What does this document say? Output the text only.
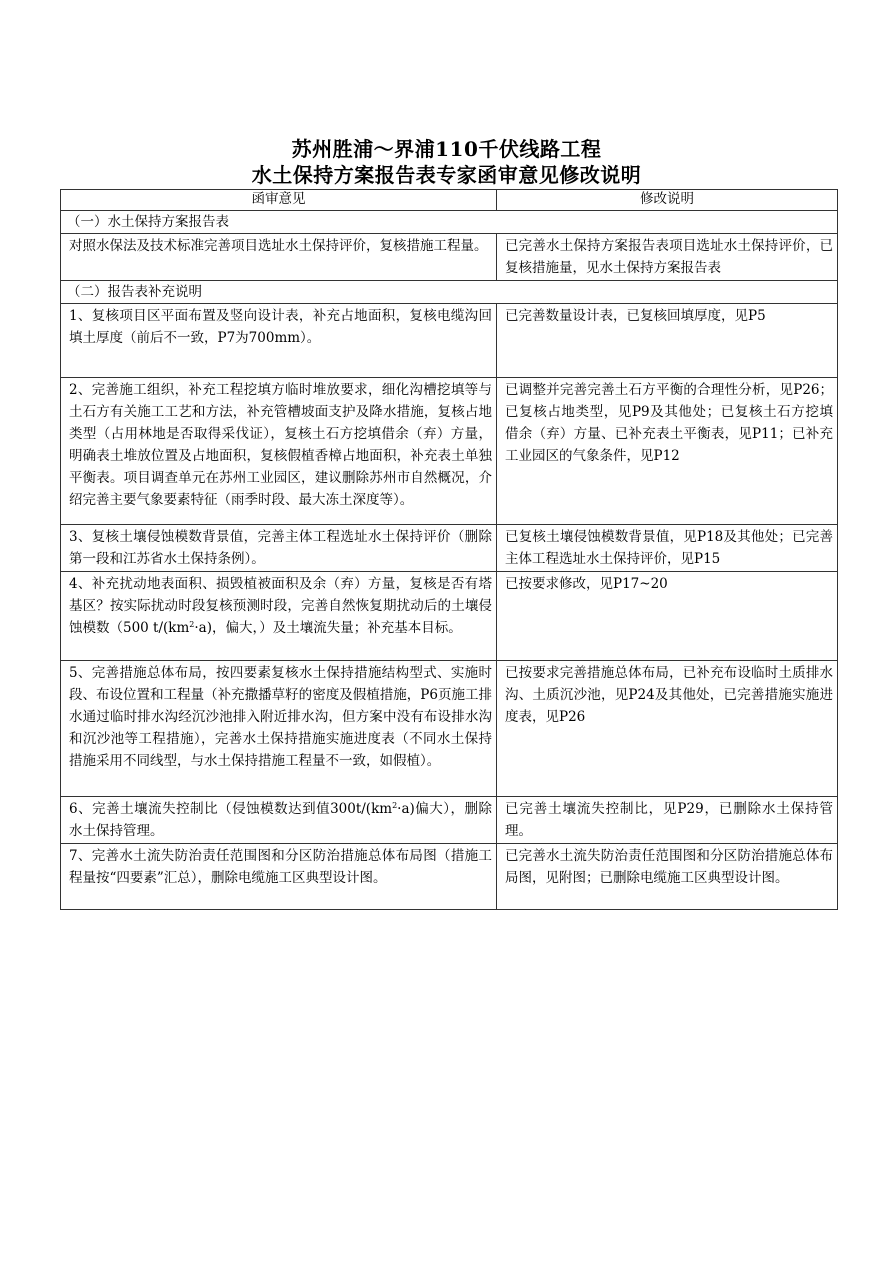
苏州胜浦～界浦110千伏线路工程
水土保持方案报告表专家函审意见修改说明
函审意见	修改说明
（一）水土保持方案报告表	
对照水保法及技术标准完善项目选址水土保持评价，复核措施工程量。	已完善水土保持方案报告表项目选址水土保持评价，已复核措施量，见水土保持方案报告表
（二）报告表补充说明	
1、复核项目区平面布置及竖向设计表，补充占地面积，复核电缆沟回填土厚度（前后不一致，P7为700mm）。	已完善数量设计表，已复核回填厚度，见P5
2、完善施工组织，补充工程挖填方临时堆放要求，细化沟槽挖填等与土石方有关施工工艺和方法，补充管槽坡面支护及降水措施，复核占地类型（占用林地是否取得采伐证），复核土石方挖填借余（弃）方量，明确表土堆放位置及占地面积，复核假植香樟占地面积，补充表土单独平衡表。项目调查单元在苏州工业园区，建议删除苏州市自然概况，介绍完善主要气象要素特征（雨季时段、最大冻土深度等）。	已调整并完善完善土石方平衡的合理性分析，见P26；已复核占地类型，见P9及其他处；已复核土石方挖填借余（弃）方量、已补充表土平衡表，见P11；已补充工业园区的气象条件，见P12
3、复核土壤侵蚀模数背景值，完善主体工程选址水土保持评价（删除第一段和江苏省水土保持条例）。	已复核土壤侵蚀模数背景值，见P18及其他处；已完善主体工程选址水土保持评价，见P15
4、补充扰动地表面积、损毁植被面积及余（弃）方量，复核是否有塔基区？按实际扰动时段复核预测时段，完善自然恢复期扰动后的土壤侵蚀模数（500 $t/(km^2\cdot a)$，偏大，）及土壤流失量；补充基本目标。	已按要求修改，见P17~20
5、完善措施总体布局，按四要素复核水土保持措施结构型式、实施时段、布设位置和工程量（补充撒播草籽的密度及假植措施，P6页施工排水通过临时排水沟经沉沙池排入附近排水沟，但方案中没有布设排水沟和沉沙池等工程措施），完善水土保持措施实施进度表（不同水土保持措施采用不同线型，与水土保持措施工程量不一致，如假植）。	已按要求完善措施总体布局，已补充布设临时土质排水沟、土质沉沙池，见P24及其他处，已完善措施实施进度表，见P26
6、完善土壤流失控制比（侵蚀模数达到值$300t/(km^2\cdot a)$偏大），删除水土保持管理。	已完善土壤流失控制比，见P29，已删除水土保持管理。
7、完善水土流失防治责任范围图和分区防治措施总体布局图（措施工程量按“四要素”汇总），删除电缆施工区典型设计图。	已完善水土流失防治责任范围图和分区防治措施总体布局图，见附图；已删除电缆施工区典型设计图。
